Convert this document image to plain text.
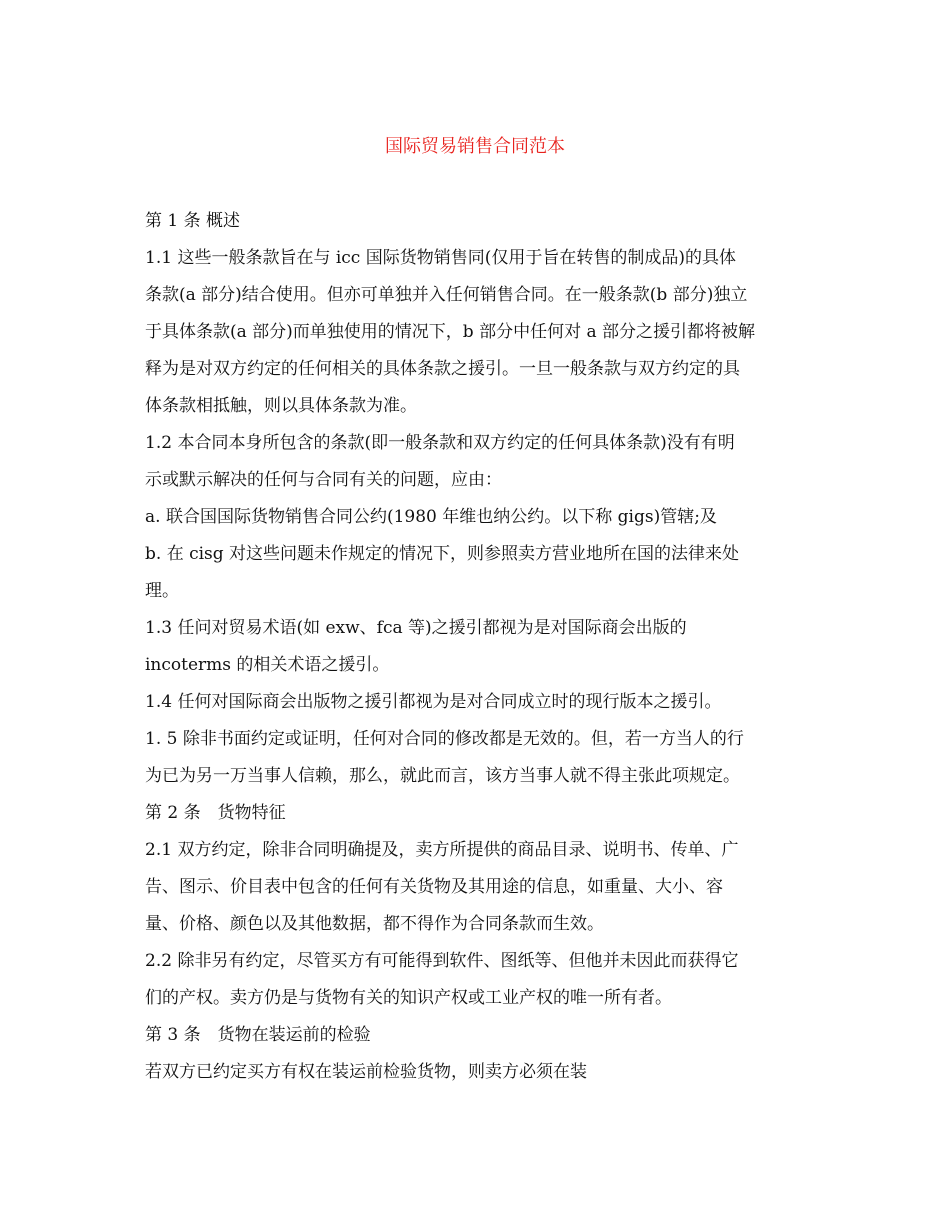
国际贸易销售合同范本
第 1 条 概述
1.1 这些一般条款旨在与 icc 国际货物销售同(仅用于旨在转售的制成品)的具体
条款(a 部分)结合使用。但亦可单独并入任何销售合同。在一般条款(b 部分)独立
于具体条款(a 部分)而单独使用的情况下，b 部分中任何对 a 部分之援引都将被解
释为是对双方约定的任何相关的具体条款之援引。一旦一般条款与双方约定的具
体条款相抵触，则以具体条款为准。
1.2 本合同本身所包含的条款(即一般条款和双方约定的任何具体条款)没有有明
示或默示解决的任何与合同有关的问题，应由：
a. 联合国国际货物销售合同公约(1980 年维也纳公约。以下称 gigs)管辖;及
b. 在 cisg 对这些问题未作规定的情况下，则参照卖方营业地所在国的法律来处
理。
1.3 任问对贸易术语(如 exw、fca 等)之援引都视为是对国际商会出版的
incoterms 的相关术语之援引。
1.4 任何对国际商会出版物之援引都视为是对合同成立时的现行版本之援引。
1. 5 除非书面约定或证明，任何对合同的修改都是无效的。但，若一方当人的行
为已为另一万当事人信赖，那么，就此而言，该方当事人就不得主张此项规定。
第 2 条　货物特征
2.1 双方约定，除非合同明确提及，卖方所提供的商品目录、说明书、传单、广
告、图示、价目表中包含的任何有关货物及其用途的信息，如重量、大小、容
量、价格、颜色以及其他数据，都不得作为合同条款而生效。
2.2 除非另有约定，尽管买方有可能得到软件、图纸等、但他并未因此而获得它
们的产权。卖方仍是与货物有关的知识产权或工业产权的唯一所有者。
第 3 条　货物在装运前的检验
若双方已约定买方有权在装运前检验货物，则卖方必须在装
